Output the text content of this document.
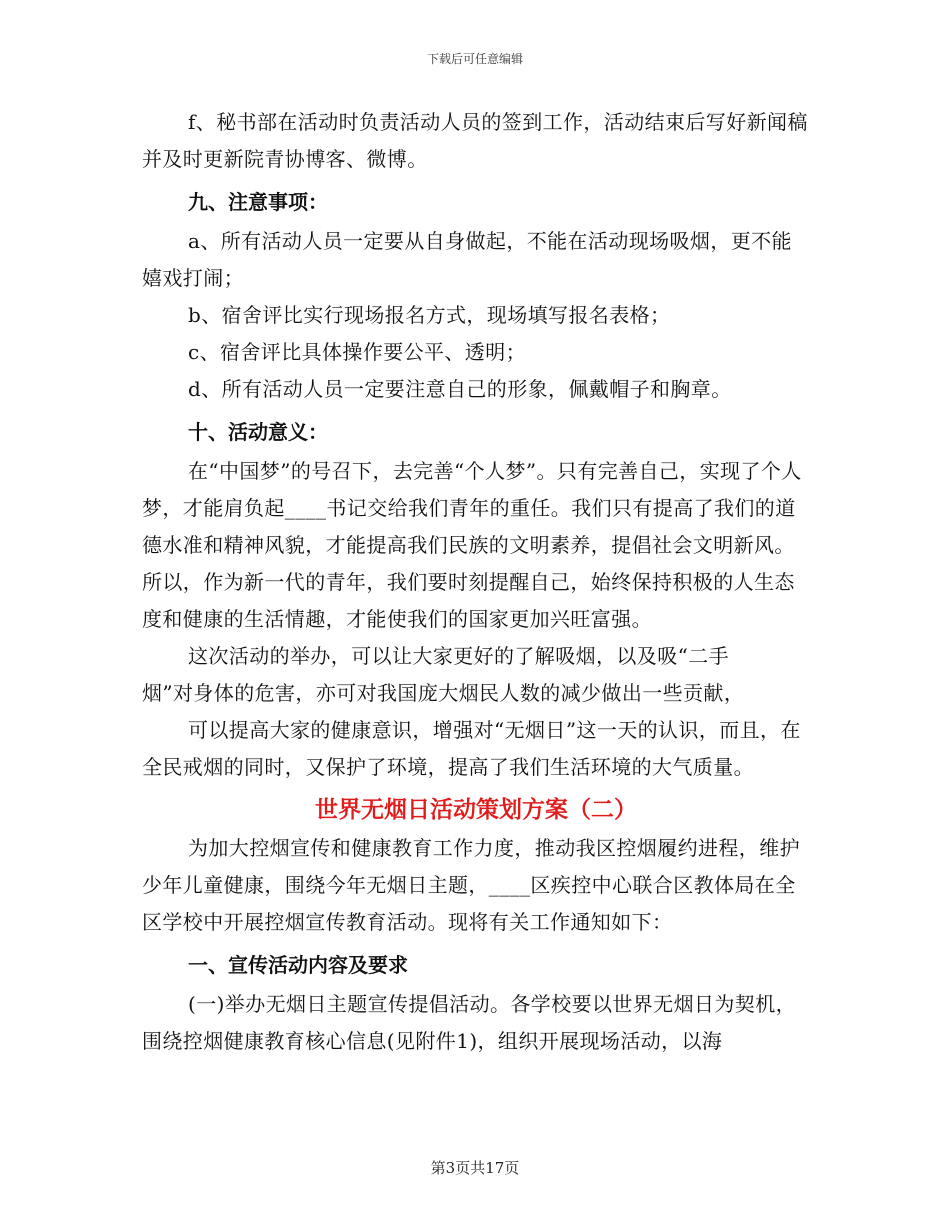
下载后可任意编辑

f、秘书部在活动时负责活动人员的签到工作，活动结束后写好新闻稿并及时更新院青协博客、微博。

九、注意事项：

a、所有活动人员一定要从自身做起，不能在活动现场吸烟，更不能嬉戏打闹；

b、宿舍评比实行现场报名方式，现场填写报名表格；

c、宿舍评比具体操作要公平、透明；

d、所有活动人员一定要注意自己的形象，佩戴帽子和胸章。

十、活动意义：

在“中国梦”的号召下，去完善“个人梦”。只有完善自己，实现了个人梦，才能肩负起____书记交给我们青年的重任。我们只有提高了我们的道德水准和精神风貌，才能提高我们民族的文明素养，提倡社会文明新风。所以，作为新一代的青年，我们要时刻提醒自己，始终保持积极的人生态度和健康的生活情趣，才能使我们的国家更加兴旺富强。

这次活动的举办，可以让大家更好的了解吸烟，以及吸“二手

烟”对身体的危害，亦可对我国庞大烟民人数的减少做出一些贡献，

可以提高大家的健康意识，增强对“无烟日”这一天的认识，而且，在全民戒烟的同时，又保护了环境，提高了我们生活环境的大气质量。

世界无烟日活动策划方案（二）

为加大控烟宣传和健康教育工作力度，推动我区控烟履约进程，维护少年儿童健康，围绕今年无烟日主题，____区疾控中心联合区教体局在全区学校中开展控烟宣传教育活动。现将有关工作通知如下：

一、宣传活动内容及要求

(一)举办无烟日主题宣传提倡活动。各学校要以世界无烟日为契机，围绕控烟健康教育核心信息(见附件1)，组织开展现场活动，以海

第3页共17页
